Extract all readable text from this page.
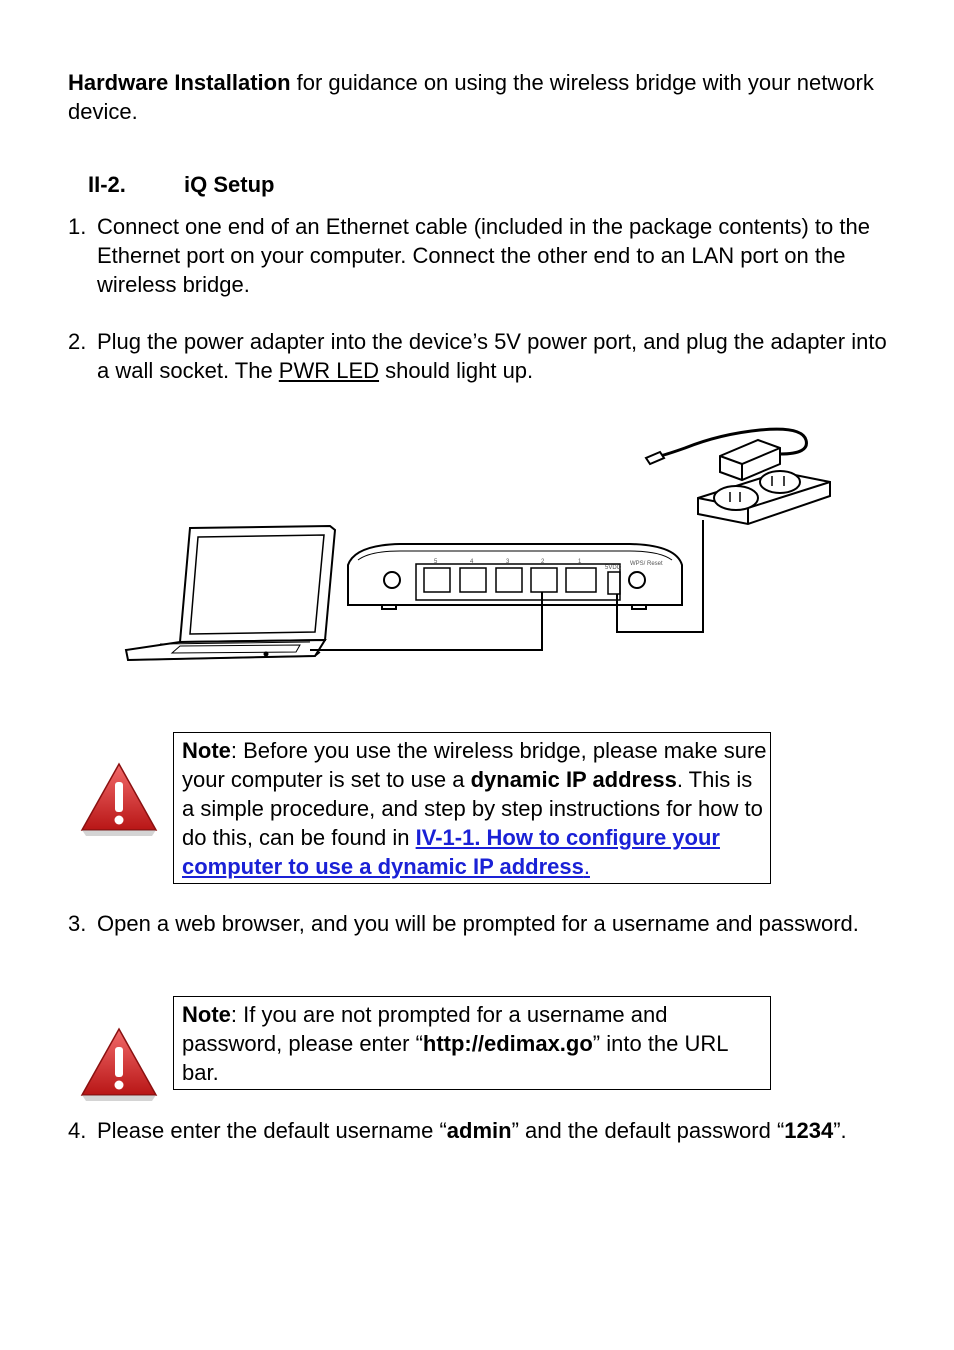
Hardware Installation for guidance on using the wireless bridge with your network device.
II-2.	iQ Setup
1. Connect one end of an Ethernet cable (included in the package contents) to the Ethernet port on your computer. Connect the other end to an LAN port on the wireless bridge.
2. Plug the power adapter into the device’s 5V power port, and plug the adapter into a wall socket. The PWR LED should light up.
5	4	3	2	1
5VDC
WPS/ Reset
Note: Before you use the wireless bridge, please make sure your computer is set to use a dynamic IP address. This is a simple procedure, and step by step instructions for how to do this, can be found in IV-1-1. How to configure your computer to use a dynamic IP address.
3. Open a web browser, and you will be prompted for a username and password.
Note: If you are not prompted for a username and password, please enter “http://edimax.go” into the URL bar.
4. Please enter the default username “admin” and the default password “1234”.
